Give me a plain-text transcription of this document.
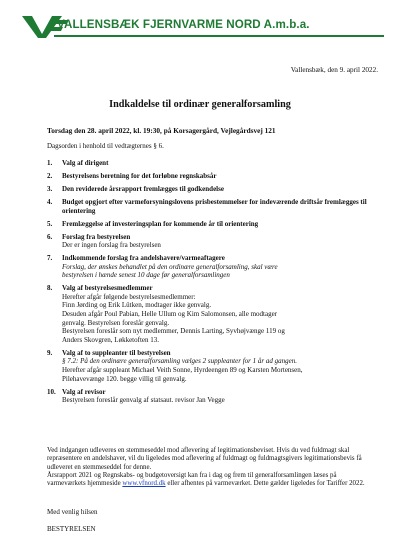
VALLENSBÆK FJERNVARME NORD A.m.b.a.
Vallensbæk, den 9. april 2022.
Indkaldelse til ordinær generalforsamling
Torsdag den 28. april 2022, kl. 19:30, på Korsagergård, Vejlegårdsvej 121
Dagsorden i henhold til vedtægternes § 6.
1. Valg af dirigent
2. Bestyrelsens beretning for det forløbne regnskabsår
3. Den reviderede årsrapport fremlægges til godkendelse
4. Budget opgjort efter varmeforsyningslovens prisbestemmelser for indeværende driftsår fremlægges til orientering
5. Fremlæggelse af investeringsplan for kommende år til orientering
6. Forslag fra bestyrelsen
Der er ingen forslag fra bestyrelsen
7. Indkommende forslag fra andelshavere/varmeaftagere
Forslag, der ønskes behandlet på den ordinære generalforsamling, skal være
bestyrelsen i hænde senest 10 dage før generalforsamlingen
8. Valg af bestyrelsesmedlemmer
Herefter afgår følgende bestyrelsesmedlemmer:
Finn Jørding og Erik Lütken, modtager ikke genvalg.
Desuden afgår Poul Pabian, Helle Ullum og Kim Salomonsen, alle modtager
genvalg. Bestyrelsen foreslår genvalg.
Bestyrelsen foreslår som nyt medlemmer, Dennis Larting, Syvhøjvænge 119 og
Anders Skovgren, Løkketoften 13.
9. Valg af to suppleanter til bestyrelsen
§ 7.2: På den ordinære generalforsamling vælges 2 suppleanter for 1 år ad gangen.
Herefter afgår suppleant Michael Veith Sonne, Hyrdeengen 89 og Karsten Mortensen,
Pilehavevænge 120. begge villig til genvalg.
10. Valg af revisor
Bestyrelsen foreslår genvalg af statsaut. revisor Jan Vegge
Ved indgangen udleveres en stemmeseddel mod aflevering af legitimationsbeviset. Hvis du ved fuldmagt skal repræsentere en andelshaver, vil du ligeledes mod aflevering af fuldmagt og fuldmagtsgivers legitimationsbevis få udleveret en stemmeseddel for denne.
Årsrapport 2021 og Regnskabs- og budgetoversigt kan fra i dag og frem til generalforsamlingen læses på varmeværkets hjemmeside www.vfnord.dk eller afhentes på varmeværket. Dette gælder ligeledes for Tariffer 2022.
Med venlig hilsen
BESTYRELSEN
